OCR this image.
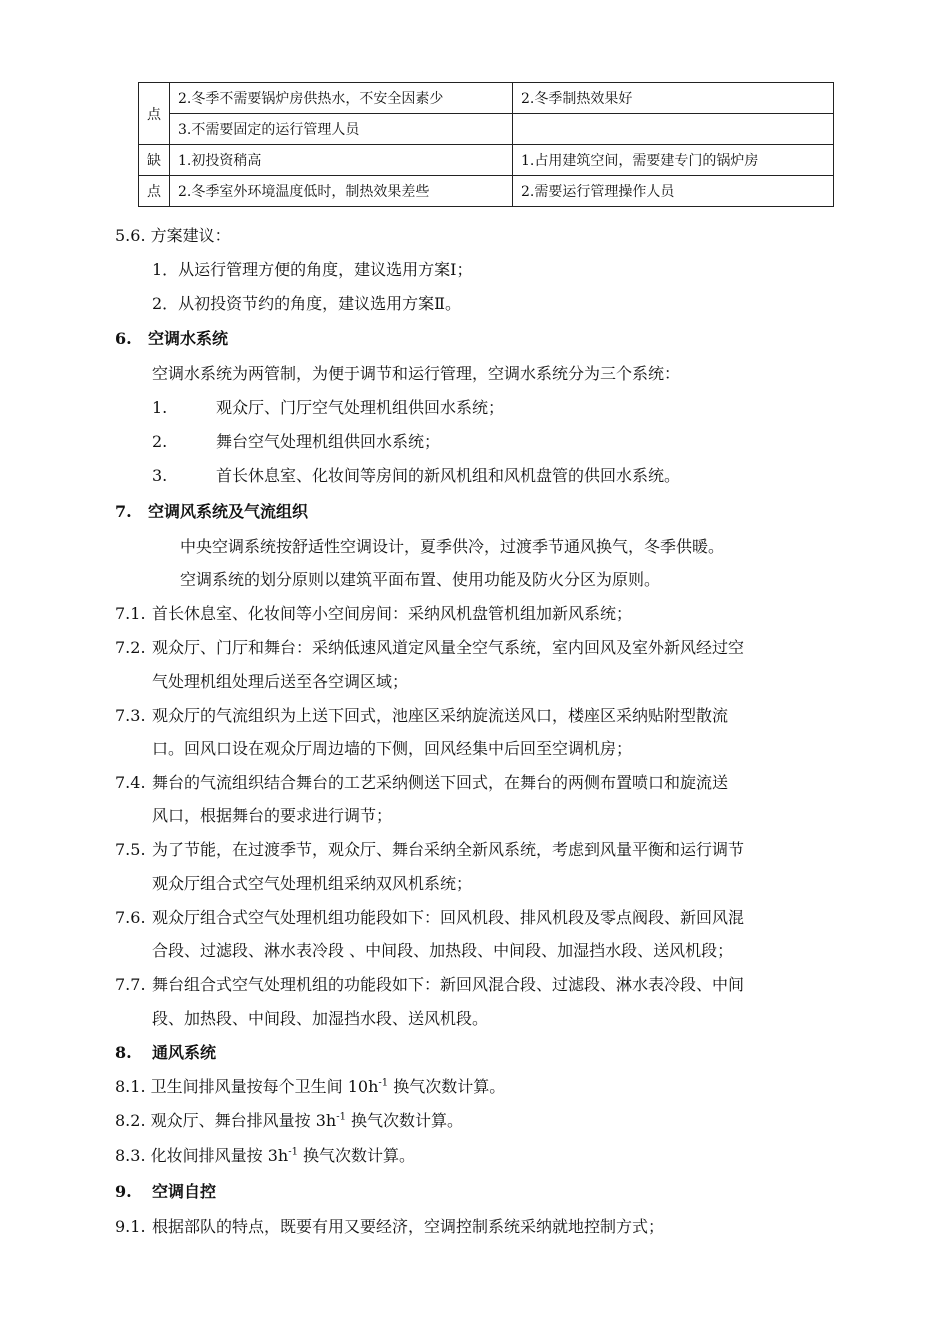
点	2.冬季不需要锅炉房供热水，不安全因素少	2.冬季制热效果好
	3.不需要固定的运行管理人员	
缺	1.初投资稍高	1.占用建筑空间，需要建专门的锅炉房
点	2.冬季室外环境温度低时，制热效果差些	2.需要运行管理操作人员
5.6. 方案建议：
1．从运行管理方便的角度，建议选用方案Ⅰ；
2．从初投资节约的角度，建议选用方案Ⅱ。
6. 空调水系统
空调水系统为两管制，为便于调节和运行管理，空调水系统分为三个系统：
1.	观众厅、门厅空气处理机组供回水系统；
2.	舞台空气处理机组供回水系统；
3.	首长休息室、化妆间等房间的新风机组和风机盘管的供回水系统。
7. 空调风系统及气流组织
中央空调系统按舒适性空调设计，夏季供冷，过渡季节通风换气，冬季供暖。
空调系统的划分原则以建筑平面布置、使用功能及防火分区为原则。
7.1. 首长休息室、化妆间等小空间房间：采纳风机盘管机组加新风系统；
7.2. 观众厅、门厅和舞台：采纳低速风道定风量全空气系统，室内回风及室外新风经过空
气处理机组处理后送至各空调区域；
7.3. 观众厅的气流组织为上送下回式，池座区采纳旋流送风口，楼座区采纳贴附型散流
口。回风口设在观众厅周边墙的下侧，回风经集中后回至空调机房；
7.4. 舞台的气流组织结合舞台的工艺采纳侧送下回式，在舞台的两侧布置喷口和旋流送
风口，根据舞台的要求进行调节；
7.5. 为了节能，在过渡季节，观众厅、舞台采纳全新风系统，考虑到风量平衡和运行调节
观众厅组合式空气处理机组采纳双风机系统；
7.6. 观众厅组合式空气处理机组功能段如下：回风机段、排风机段及零点阀段、新回风混
合段、过滤段、淋水表冷段 、中间段、加热段、中间段、加湿挡水段、送风机段；
7.7. 舞台组合式空气处理机组的功能段如下：新回风混合段、过滤段、淋水表冷段、中间
段、加热段、中间段、加湿挡水段、送风机段。
8. 通风系统
8.1. 卫生间排风量按每个卫生间 $10h^{-1}$ 换气次数计算。
8.2. 观众厅、舞台排风量按 $3h^{-1}$ 换气次数计算。
8.3. 化妆间排风量按 $3h^{-1}$ 换气次数计算。
9. 空调自控
9.1. 根据部队的特点，既要有用又要经济，空调控制系统采纳就地控制方式；
